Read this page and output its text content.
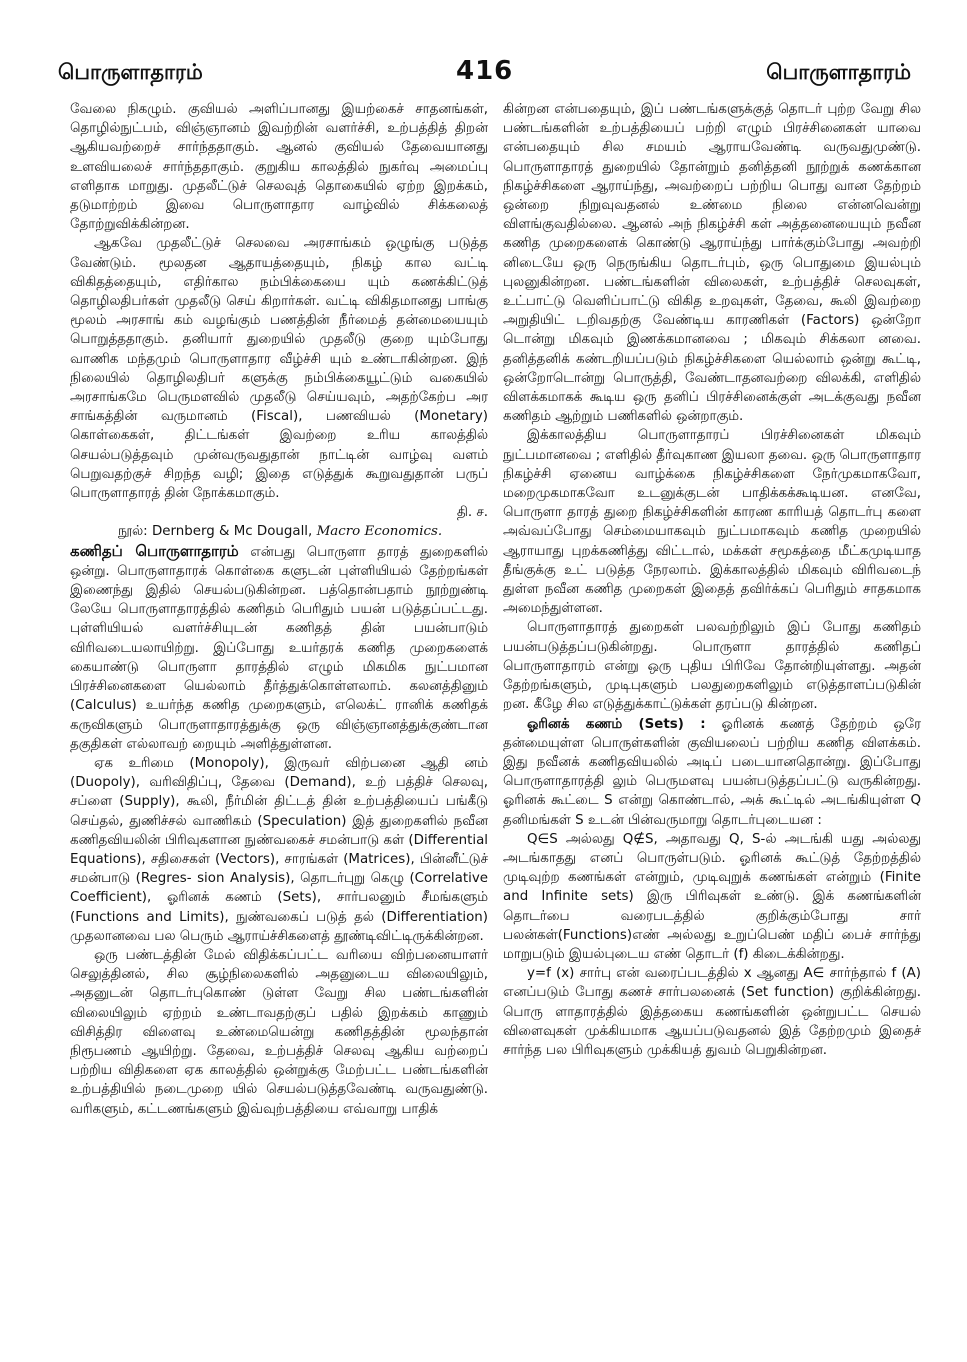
பொருளாதாரம்	416	பொருளாதாரம்

வேலை நிகழும். குவியல் அளிப்பானது இயற்கைச் சாதனங்கள், தொழில்நுட்பம், விஞ்ஞானம் இவற்றின் வளர்ச்சி, உற்பத்தித் திறன் ஆகியவற்றைச் சார்ந்ததாகும். ஆனல் குவியல் தேவையானது உளவியலைச் சார்ந்ததாகும். குறுகிய காலத்தில் நுகர்வு அமைப்பு எளிதாக மாறுது. முதலீட்டுச் செலவுத் தொகையில் ஏற்ற இறக்கம், தடுமாற்றம் இவை பொருளாதார வாழ்வில் சிக்கலைத் தோற்றுவிக்கின்றன.

ஆகவே முதலீட்டுச் செலவை அரசாங்கம் ஒழுங்கு படுத்த வேண்டும். மூலதன ஆதாயத்தையும், நிகழ் கால வட்டி விகிதத்தையும், எதிர்கால நம்பிக்கையை யும் கணக்கிட்டுத் தொழிலதிபர்கள் முதலீடு செய் கிறார்கள். வட்டி விகிதமானது பாங்கு மூலம் அரசாங் கம் வழங்கும் பணத்தின் நீர்மைத் தன்மையையும் பொறுத்ததாகும். தனியார் துறையில் முதலீடு குறை யும்போது வாணிக மந்தமும் பொருளாதார வீழ்ச்சி யும் உண்டாகின்றன. இந் நிலையில் தொழிலதிபர் களுக்கு நம்பிக்கையூட்டும் வகையில் அரசாங்கமே பெருமளவில் முதலீடு செய்யவும், அதற்கேற்ப அர சாங்கத்தின் வருமானம் (Fiscal), பணவியல் (Monetary) கொள்கைகள், திட்டங்கள் இவற்றை உரிய காலத்தில் செயல்படுத்தவும் முன்வருவதுதான் நாட்டின் வாழ்வு வளம் பெறுவதற்குச் சிறந்த வழி; இதை எடுத்துக் கூறுவதுதான் பருப் பொருளாதாரத் தின் நோக்கமாகும்.

தி. ச.

நூல்: Dernberg & Mc Dougall, Macro Economics.

கணிதப் பொருளாதாரம் என்பது பொருளா தாரத் துறைகளில் ஒன்று. பொருளாதாரக் கொள்கை களுடன் புள்ளியியல் தேற்றங்கள் இணைந்து இதில் செயல்படுகின்றன. பத்தொன்பதாம் நூற்றுண்டி லேயே பொருளாதாரத்தில் கணிதம் பெரிதும் பயன் படுத்தப்பட்டது. புள்ளியியல் வளர்ச்சியுடன் கணிதத் தின் பயன்பாடும் விரிவடையலாயிற்று. இப்போது உயர்தரக் கணித முறைகளைக் கையாண்டு பொருளா தாரத்தில் எழும் மிகமிக நுட்பமான பிரச்சினைகளை யெல்லாம் தீர்த்துக்கொள்ளலாம். கலனத்தினும் (Calculus) உயர்ந்த கணித முறைகளும், எலெக்ட் ரானிக் கணிதக் கருவிகளும் பொருளாதாரத்துக்கு ஒரு விஞ்ஞானத்துக்குண்டான தகுதிகள் எல்லாவற் றையும் அளித்துள்ளன.

ஏக உரிமை (Monopoly), இருவர் விற்பனை ஆதி னம் (Duopoly), வரிவிதிப்பு, தேவை (Demand), உற் பத்திச் செலவு, சப்ளை (Supply), கூலி, நீர்மின் திட்டத் தின் உற்பத்தியைப் பங்கீடு செய்தல், துணிச்சல் வாணிகம் (Speculation) இத் துறைகளில் நவீன கணிதவியலின் பிரிவுகளான நுண்வகைச் சமன்பாடு கள் (Differential Equations), சதிசைகள் (Vectors), சாரங்கள் (Matrices), பின்னீட்டுச் சமன்பாடு (Regres- sion Analysis), தொடர்புறு கெழு (Correlative Coefficient), ஓரினக் கணம் (Sets), சார்பலனும் சீமங்களும் (Functions and Limits), நுண்வகைப் படுத் தல் (Differentiation) முதலானவை பல பெரும் ஆராய்ச்சிகளைத் தூண்டிவிட்டிருக்கின்றன.

ஒரு பண்டத்தின் மேல் விதிக்கப்பட்ட வரியை விற்பனையாளர் செலுத்தினல், சில சூழ்நிலைகளில் அதனுடைய விலையிலும், அதனுடன் தொடர்புகொண் டுள்ள வேறு சில பண்டங்களின் விலையிலும் ஏற்றம் உண்டாவதற்குப் பதில் இறக்கம் காணும் விசித்திர விளைவு உண்மையென்று கணிதத்தின் மூலந்தான் நிரூபணம் ஆயிற்று. தேவை, உற்பத்திச் செலவு ஆகிய வற்றைப் பற்றிய விதிகளை ஏக காலத்தில் ஒன்றுக்கு மேற்பட்ட பண்டங்களின் உற்பத்தியில் நடைமுறை யில் செயல்படுத்தவேண்டி வருவதுண்டு. வரிகளும், கட்டணங்களும் இவ்வுற்பத்தியை எவ்வாறு பாதிக்

கின்றன என்பதையும், இப் பண்டங்களுக்குத் தொடர் புற்ற வேறு சில பண்டங்களின் உற்பத்தியைப் பற்றி எழும் பிரச்சினைகள் யாவை என்பதையும் சில சமயம் ஆராயவேண்டி வருவதுமுண்டு. பொருளாதாரத் துறையில் தோன்றும் தனித்தனி நூற்றுக் கணக்கான நிகழ்ச்சிகளை ஆராய்ந்து, அவற்றைப் பற்றிய பொது வான தேற்றம் ஒன்றை நிறுவுவதனல் உண்மை நிலை என்னவென்று விளங்குவதில்லை. ஆனல் அந் நிகழ்ச்சி கள் அத்தனையையும் நவீன கணித முறைகளைக் கொண்டு ஆராய்ந்து பார்க்கும்போது அவற்றி னிடையே ஒரு நெருங்கிய தொடர்பும், ஒரு பொதுமை இயல்பும் புலனுகின்றன. பண்டங்களின் விலைகள், உற்பத்திச் செலவுகள், உட்பாட்டு வெளிப்பாட்டு விகித உறவுகள், தேவை, கூலி இவற்றை அறுதியிட் டறிவதற்கு வேண்டிய காரணிகள் (Factors) ஒன்றோ டொன்று மிகவும் இணக்கமானவை ; மிகவும் சிக்கலா னவை. தனித்தனிக் கண்டறியப்படும் நிகழ்ச்சிகளை யெல்லாம் ஒன்று கூட்டி, ஒன்றோடொன்று பொருத்தி, வேண்டாதனவற்றை விலக்கி, எளிதில் விளக்கமாகக் கூடிய ஒரு தனிப் பிரச்சினைக்குள் அடக்குவது நவீன கணிதம் ஆற்றும் பணிகளில் ஒன்றாகும்.

இக்காலத்திய பொருளாதாரப் பிரச்சினைகள் மிகவும் நுட்பமானவை ; எளிதில் தீர்வுகாண இயலா தவை. ஒரு பொருளாதார நிகழ்ச்சி ஏனைய வாழ்க்கை நிகழ்ச்சிகளை நேர்முகமாகவோ, மறைமுகமாகவோ உடனுக்குடன் பாதிக்கக்கூடியன. எனவே, பொருளா தாரத் துறை நிகழ்ச்சிகளின் காரண காரியத் தொடர்பு களை அவ்வப்போது செம்மையாகவும் நுட்பமாகவும் கணித முறையில் ஆராயாது புறக்கணித்து விட்டால், மக்கள் சமூகத்தை மீட்கமுடியாத தீங்குக்கு உட் படுத்த நேரலாம். இக்காலத்தில் மிகவும் விரிவடைந் துள்ள நவீன கணித முறைகள் இதைத் தவிர்க்கப் பெரிதும் சாதகமாக அமைந்துள்ளன.

பொருளாதாரத் துறைகள் பலவற்றிலும் இப் போது கணிதம் பயன்படுத்தப்படுகின்றது. பொருளா தாரத்தில் கணிதப் பொருளாதாரம் என்று ஒரு புதிய பிரிவே தோன்றியுள்ளது. அதன் தேற்றங்களும், முடிபுகளும் பலதுறைகளிலும் எடுத்தாளப்படுகின் றன. கீழே சில எடுத்துக்காட்டுக்கள் தரப்படு கின்றன.

ஓரினக் கணம் (Sets) : ஓரினக் கணத் தேற்றம் ஒரே தன்மையுள்ள பொருள்களின் குவியலைப் பற்றிய கணித விளக்கம். இது நவீனக் கணிதவியலில் அடிப் படையானதொன்று. இப்போது பொருளாதாரத்தி லும் பெருமளவு பயன்படுத்தப்பட்டு வருகின்றது. ஓரினக் கூட்டை S என்று கொண்டால், அக் கூட்டில் அடங்கியுள்ள Q தனிமங்கள் S உடன் பின்வருமாறு தொடர்புடையன :

Q∈S அல்லது Q∉S, அதாவது Q, S-ல் அடங்கி யது அல்லது அடங்காதது எனப் பொருள்படும். ஓரினக் கூட்டுத் தேற்றத்தில் முடிவுற்ற கணங்கள் என்றும், முடிவுறுக் கணங்கள் என்றும் (Finite and Infinite sets) இரு பிரிவுகள் உண்டு. இக் கணங்களின் தொடர்பை வரைபடத்தில் குறிக்கும்போது சார் பலன்கள்(Functions)எண் அல்லது உறுப்பெண் மதிப் பைச் சார்ந்து மாறுபடும் இயல்புடைய எண் தொடர் (f) கிடைக்கின்றது.

y=f (x) சார்பு என் வரைப்படத்தில் x ஆனது A∈ சார்ந்தால் f (A) எனப்படும் போது கணச் சார்பலனைக் (Set function) குறிக்கின்றது. பொரு ளாதாரத்தில் இத்தகைய கணங்களின் ஒன்றுபட்ட செயல் விளைவுகள் முக்கியமாக ஆயப்படுவதனல் இத் தேற்றமும் இதைச் சார்ந்த பல பிரிவுகளும் முக்கியத் துவம் பெறுகின்றன.
